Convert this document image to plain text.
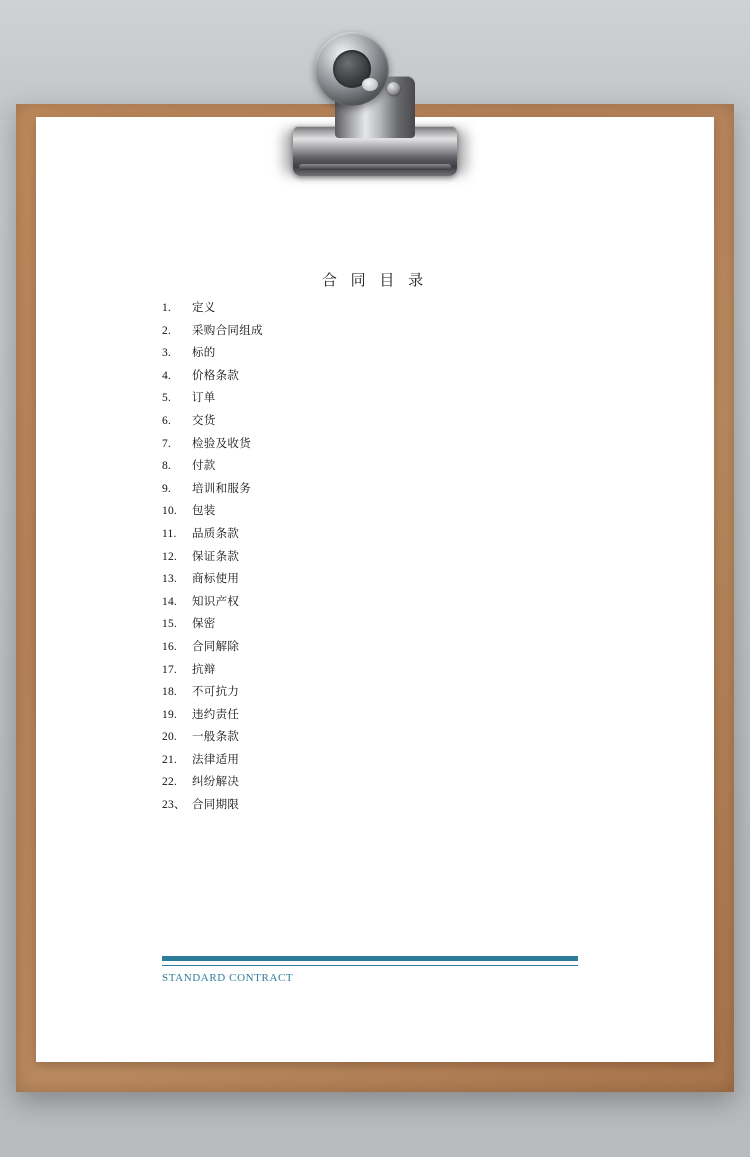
合 同 目 录
1.	定义
2.	采购合同组成
3.	标的
4.	价格条款
5.	订单
6.	交货
7.	检验及收货
8.	付款
9.	培训和服务
10.	包装
11.	品质条款
12.	保证条款
13.	商标使用
14.	知识产权
15.	保密
16.	合同解除
17.	抗辩
18.	不可抗力
19.	违约责任
20.	一般条款
21.	法律适用
22.	纠纷解决
23、 合同期限
STANDARD CONTRACT
